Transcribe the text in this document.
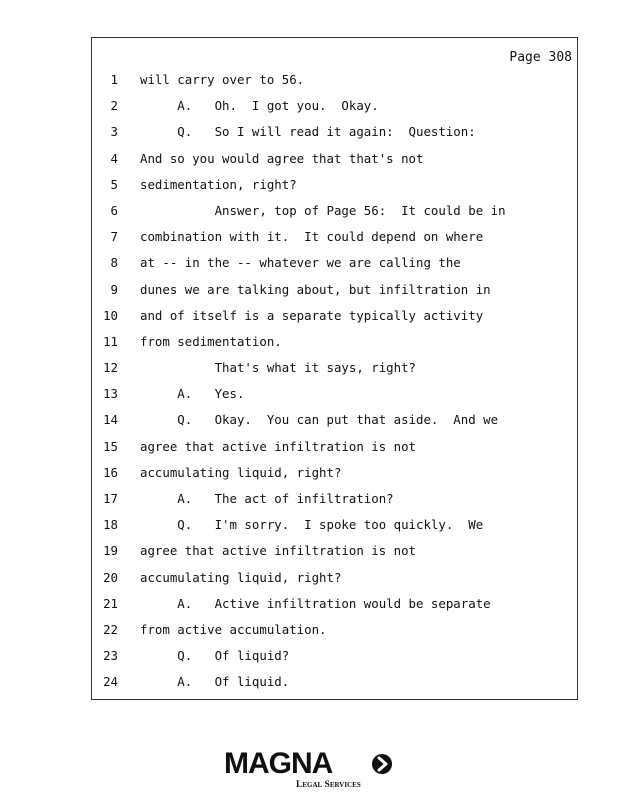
Page 308
1 will carry over to 56.
2 A.   Oh.  I got you.  Okay.
3 Q.   So I will read it again:  Question:
4 And so you would agree that that's not
5 sedimentation, right?
6 Answer, top of Page 56:  It could be in
7 combination with it.  It could depend on where
8 at -- in the -- whatever we are calling the
9 dunes we are talking about, but infiltration in
10 and of itself is a separate typically activity
11 from sedimentation.
12 That's what it says, right?
13 A.   Yes.
14 Q.   Okay.  You can put that aside.  And we
15 agree that active infiltration is not
16 accumulating liquid, right?
17 A.   The act of infiltration?
18 Q.   I'm sorry.  I spoke too quickly.  We
19 agree that active infiltration is not
20 accumulating liquid, right?
21 A.   Active infiltration would be separate
22 from active accumulation.
23 Q.   Of liquid?
24 A.   Of liquid.
MAGNA
Legal Services
